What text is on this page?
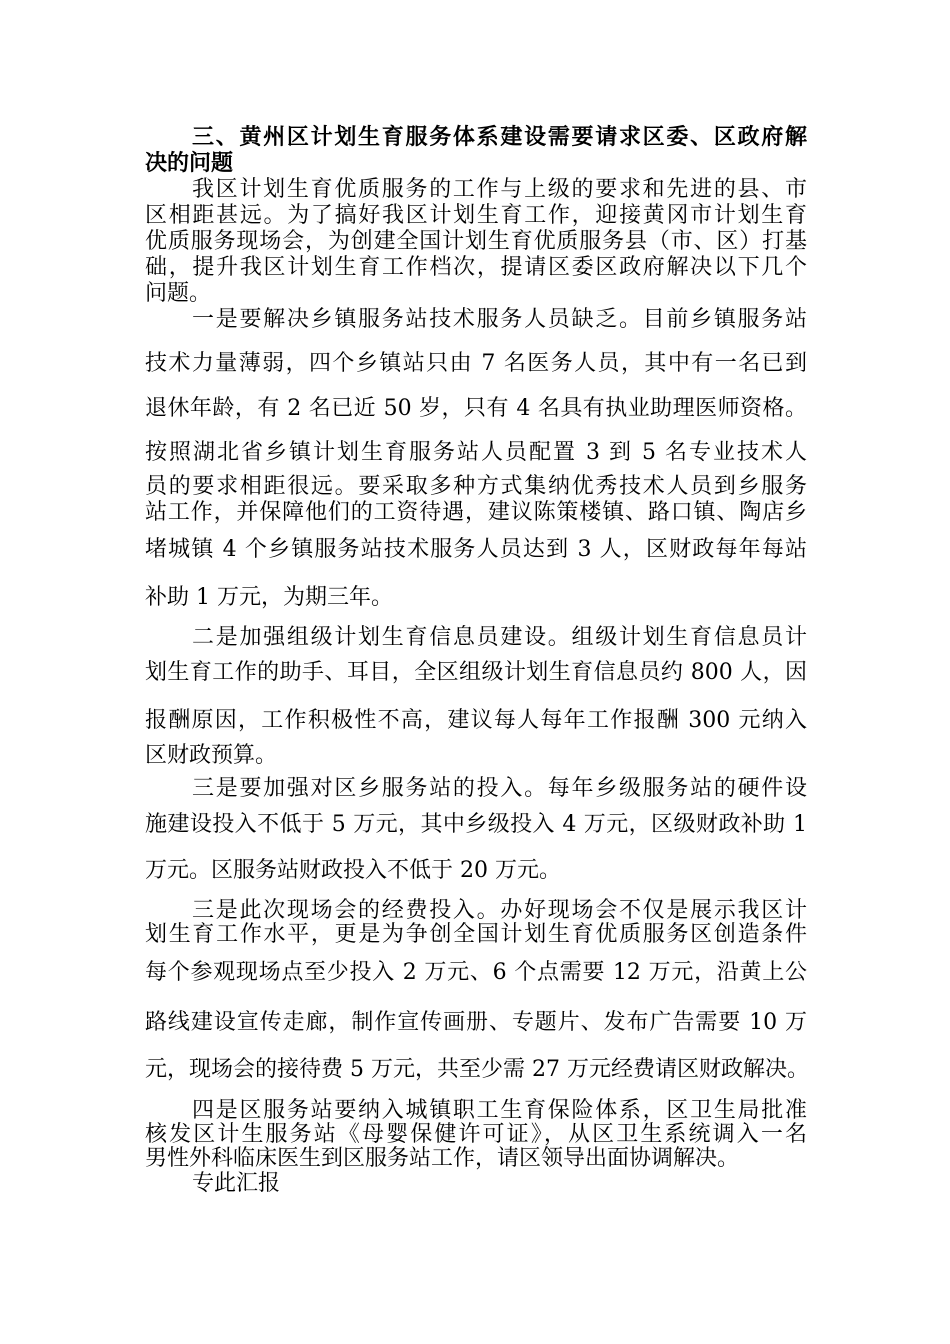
三、黄州区计划生育服务体系建设需要请求区委、区政府解
决的问题
我区计划生育优质服务的工作与上级的要求和先进的县、市
区相距甚远。为了搞好我区计划生育工作，迎接黄冈市计划生育
优质服务现场会，为创建全国计划生育优质服务县（市、区）打基
础，提升我区计划生育工作档次，提请区委区政府解决以下几个
问题。
一是要解决乡镇服务站技术服务人员缺乏。目前乡镇服务站
技术力量薄弱，四个乡镇站只由 7 名医务人员，其中有一名已到
退休年龄，有 2 名已近 50 岁，只有 4 名具有执业助理医师资格。
按照湖北省乡镇计划生育服务站人员配置 3 到 5 名专业技术人
员的要求相距很远。要采取多种方式集纳优秀技术人员到乡服务
站工作，并保障他们的工资待遇，建议陈策楼镇、路口镇、陶店乡
堵城镇 4 个乡镇服务站技术服务人员达到 3 人，区财政每年每站
补助 1 万元，为期三年。
二是加强组级计划生育信息员建设。组级计划生育信息员计
划生育工作的助手、耳目，全区组级计划生育信息员约 800 人，因
报酬原因，工作积极性不高，建议每人每年工作报酬 300 元纳入
区财政预算。
三是要加强对区乡服务站的投入。每年乡级服务站的硬件设
施建设投入不低于 5 万元，其中乡级投入 4 万元，区级财政补助 1
万元。区服务站财政投入不低于 20 万元。
三是此次现场会的经费投入。办好现场会不仅是展示我区计
划生育工作水平，更是为争创全国计划生育优质服务区创造条件
每个参观现场点至少投入 2 万元、6 个点需要 12 万元，沿黄上公
路线建设宣传走廊，制作宣传画册、专题片、发布广告需要 10 万
元，现场会的接待费 5 万元，共至少需 27 万元经费请区财政解决。
四是区服务站要纳入城镇职工生育保险体系，区卫生局批准
核发区计生服务站《母婴保健许可证》，从区卫生系统调入一名
男性外科临床医生到区服务站工作，请区领导出面协调解决。
专此汇报
